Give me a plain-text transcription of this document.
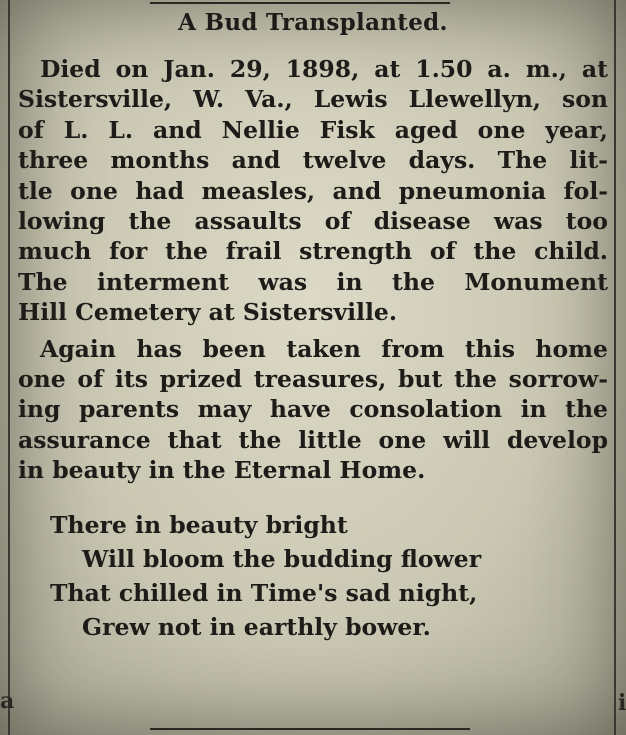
a	i
A Bud Transplanted.

Died on Jan. 29, 1898, at 1.50 a. m., at
Sistersville, W. Va., Lewis Llewellyn, son
of L. L. and Nellie Fisk aged one year,
three months and twelve days. The lit-
tle one had measles, and pneumonia fol-
lowing the assaults of disease was too
much for the frail strength of the child.
The interment was in the Monument
Hill Cemetery at Sistersville.

Again has been taken from this home
one of its prized treasures, but the sorrow-
ing parents may have consolation in the
assurance that the little one will develop
in beauty in the Eternal Home.

There in beauty bright
Will bloom the budding flower
That chilled in Time's sad night,
Grew not in earthly bower.
